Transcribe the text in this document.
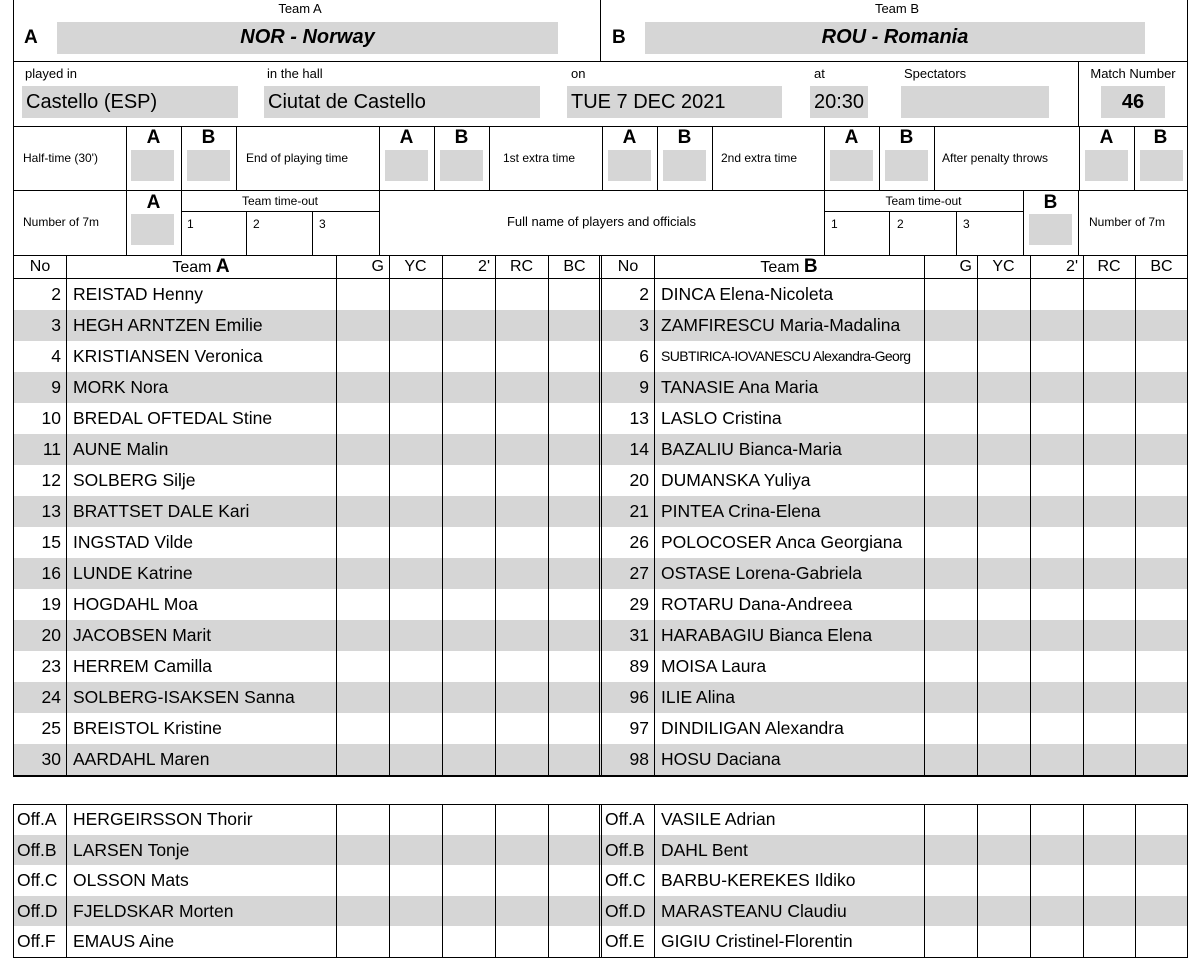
Team A	Team B
A	NOR - Norway	B	ROU - Romania
played in
Castello (ESP)
in the hall
Ciutat de Castello
on
TUE 7 DEC 2021
at
20:30
Spectators	Match Number
46
Half-time (30')	End of playing time	1st extra time	2nd extra time	After penalty throws
A	B	A	B	A	B	A	B	A	B
Number of 7m
A	Team time-out
1	2	3	Full name of players and officials
Team time-out
1	2	3
B
Number of 7m
No	Team A	G	YC	2'	RC	BC	No	Team B	G	YC	2'	RC	BC
2 REISTAD Henny	2 DINCA Elena-Nicoleta
3 HEGH ARNTZEN Emilie	3 ZAMFIRESCU Maria-Madalina
4 KRISTIANSEN Veronica	6 SUBTIRICA-IOVANESCU Alexandra-Georg
9 MORK Nora	9 TANASIE Ana Maria
10 BREDAL OFTEDAL Stine	13 LASLO Cristina
11 AUNE Malin	14 BAZALIU Bianca-Maria
12 SOLBERG Silje	20 DUMANSKA Yuliya
13 BRATTSET DALE Kari	21 PINTEA Crina-Elena
15 INGSTAD Vilde	26 POLOCOSER Anca Georgiana
16 LUNDE Katrine	27 OSTASE Lorena-Gabriela
19 HOGDAHL Moa	29 ROTARU Dana-Andreea
20 JACOBSEN Marit	31 HARABAGIU Bianca Elena
23 HERREM Camilla	89 MOISA Laura
24 SOLBERG-ISAKSEN Sanna	96 ILIE Alina
25 BREISTOL Kristine	97 DINDILIGAN Alexandra
30 AARDAHL Maren	98 HOSU Daciana
Off.A HERGEIRSSON Thorir	Off.A VASILE Adrian
Off.B LARSEN Tonje	Off.B DAHL Bent
Off.C OLSSON Mats	Off.C BARBU-KEREKES Ildiko
Off.D FJELDSKAR Morten	Off.D MARASTEANU Claudiu
Off.F EMAUS Aine	Off.E GIGIU Cristinel-Florentin
